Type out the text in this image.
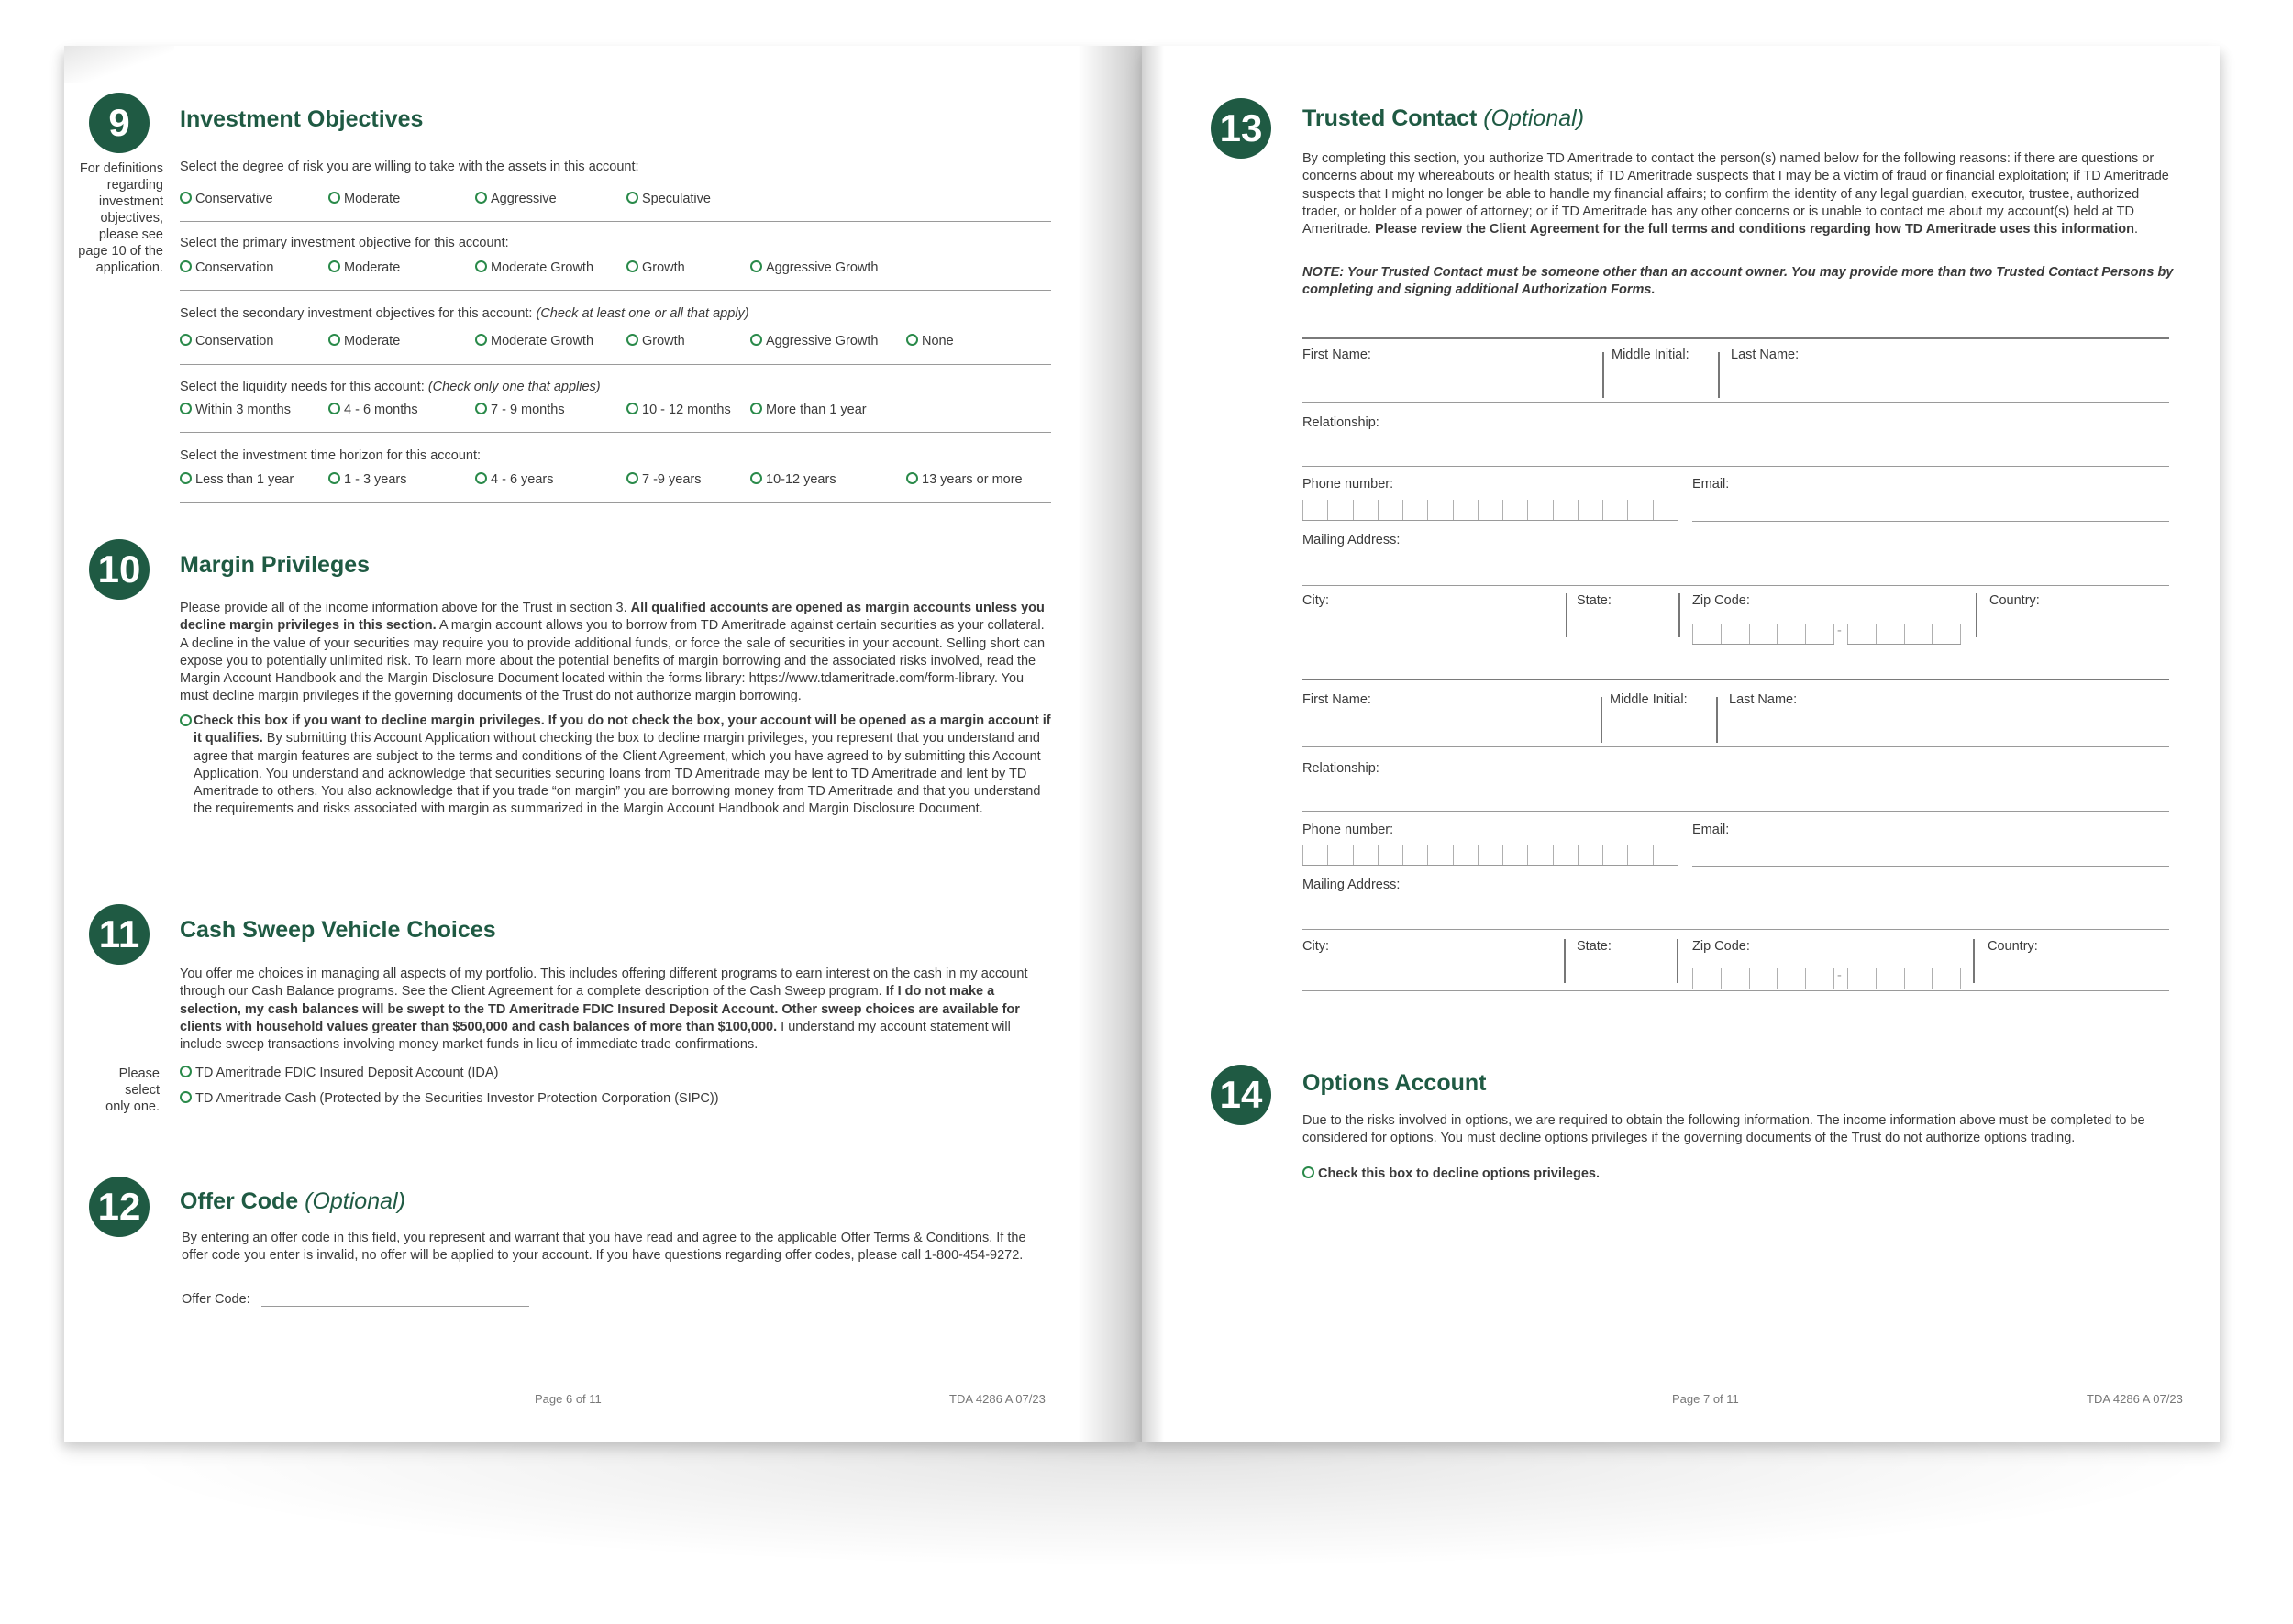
9	Investment Objectives
For definitions regarding investment objectives, please see page 10 of the application.
Select the degree of risk you are willing to take with the assets in this account:
Conservative	Moderate	Aggressive	Speculative
Select the primary investment objective for this account:
Conservation	Moderate	Moderate Growth	Growth	Aggressive Growth
Select the secondary investment objectives for this account: (Check at least one or all that apply)
Conservation	Moderate	Moderate Growth	Growth	Aggressive Growth	None
Select the liquidity needs for this account: (Check only one that applies)
Within 3 months	4 - 6 months	7 - 9 months	10 - 12 months	More than 1 year
Select the investment time horizon for this account:
Less than 1 year	1 - 3 years	4 - 6 years	7 -9 years	10-12 years	13 years or more
10	Margin Privileges
Please provide all of the income information above for the Trust in section 3. All qualified accounts are opened as margin accounts unless you decline margin privileges in this section. A margin account allows you to borrow from TD Ameritrade against certain securities as your collateral. A decline in the value of your securities may require you to provide additional funds, or force the sale of securities in your account. Selling short can expose you to potentially unlimited risk. To learn more about the potential benefits of margin borrowing and the associated risks involved, read the Margin Account Handbook and the Margin Disclosure Document located within the forms library: https://www.tdameritrade.com/form-library. You must decline margin privileges if the governing documents of the Trust do not authorize margin borrowing.
Check this box if you want to decline margin privileges. If you do not check the box, your account will be opened as a margin account if it qualifies. By submitting this Account Application without checking the box to decline margin privileges, you represent that you understand and agree that margin features are subject to the terms and conditions of the Client Agreement, which you have agreed to by submitting this Account Application. You understand and acknowledge that securities securing loans from TD Ameritrade may be lent to TD Ameritrade and lent by TD Ameritrade to others. You also acknowledge that if you trade “on margin” you are borrowing money from TD Ameritrade and that you understand the requirements and risks associated with margin as summarized in the Margin Account Handbook and Margin Disclosure Document.
11	Cash Sweep Vehicle Choices
You offer me choices in managing all aspects of my portfolio. This includes offering different programs to earn interest on the cash in my account through our Cash Balance programs. See the Client Agreement for a complete description of the Cash Sweep program. If I do not make a selection, my cash balances will be swept to the TD Ameritrade FDIC Insured Deposit Account. Other sweep choices are available for clients with household values greater than $500,000 and cash balances of more than $100,000. I understand my account statement will include sweep transactions involving money market funds in lieu of immediate trade confirmations.
Please select only one.
TD Ameritrade FDIC Insured Deposit Account (IDA)
TD Ameritrade Cash (Protected by the Securities Investor Protection Corporation (SIPC))
12	Offer Code (Optional)
By entering an offer code in this field, you represent and warrant that you have read and agree to the applicable Offer Terms & Conditions. If the offer code you enter is invalid, no offer will be applied to your account. If you have questions regarding offer codes, please call 1-800-454-9272.
Offer Code:
Page 6 of 11	TDA 4286 A 07/23
13	Trusted Contact (Optional)
By completing this section, you authorize TD Ameritrade to contact the person(s) named below for the following reasons: if there are questions or concerns about my whereabouts or health status; if TD Ameritrade suspects that I may be a victim of fraud or financial exploitation; if TD Ameritrade suspects that I might no longer be able to handle my financial affairs; to confirm the identity of any legal guardian, executor, trustee, authorized trader, or holder of a power of attorney; or if TD Ameritrade has any other concerns or is unable to contact me about my account(s) held at TD Ameritrade. Please review the Client Agreement for the full terms and conditions regarding how TD Ameritrade uses this information.
NOTE: Your Trusted Contact must be someone other than an account owner. You may provide more than two Trusted Contact Persons by completing and signing additional Authorization Forms.
First Name:	Middle Initial:	Last Name:
Relationship:
Phone number:	Email:
Mailing Address:
City:	State:	Zip Code:
-
Country:
First Name:	Middle Initial:	Last Name:
Relationship:
Phone number:	Email:
Mailing Address:
City:	State:	Zip Code:
-
Country:
14	Options Account
Due to the risks involved in options, we are required to obtain the following information. The income information above must be completed to be considered for options. You must decline options privileges if the governing documents of the Trust do not authorize options trading.
Check this box to decline options privileges.
Page 7 of 11	TDA 4286 A 07/23
